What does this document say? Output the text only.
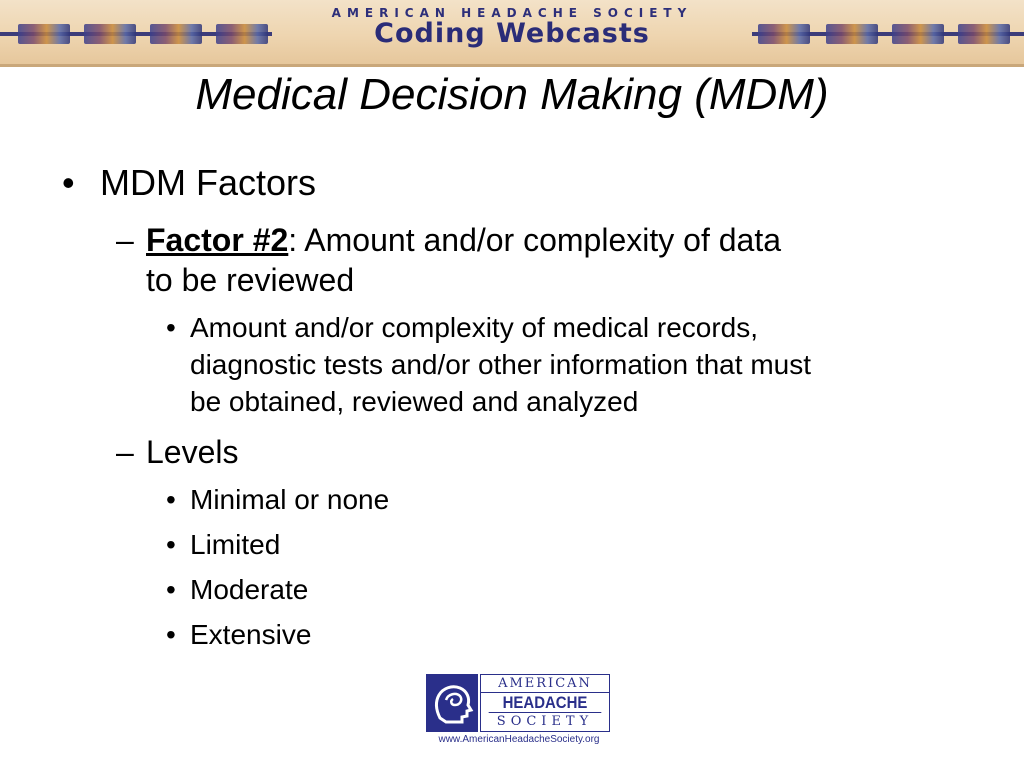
AMERICAN HEADACHE SOCIETY
Coding Webcasts
Medical Decision Making (MDM)
• MDM Factors
– Factor #2: Amount and/or complexity of data
to be reviewed
• Amount and/or complexity of medical records,
diagnostic tests and/or other information that must
be obtained, reviewed and analyzed
– Levels
• Minimal or none
• Limited
• Moderate
• Extensive
AMERICAN
HEADACHE
SOCIETY
www.AmericanHeadacheSociety.org
